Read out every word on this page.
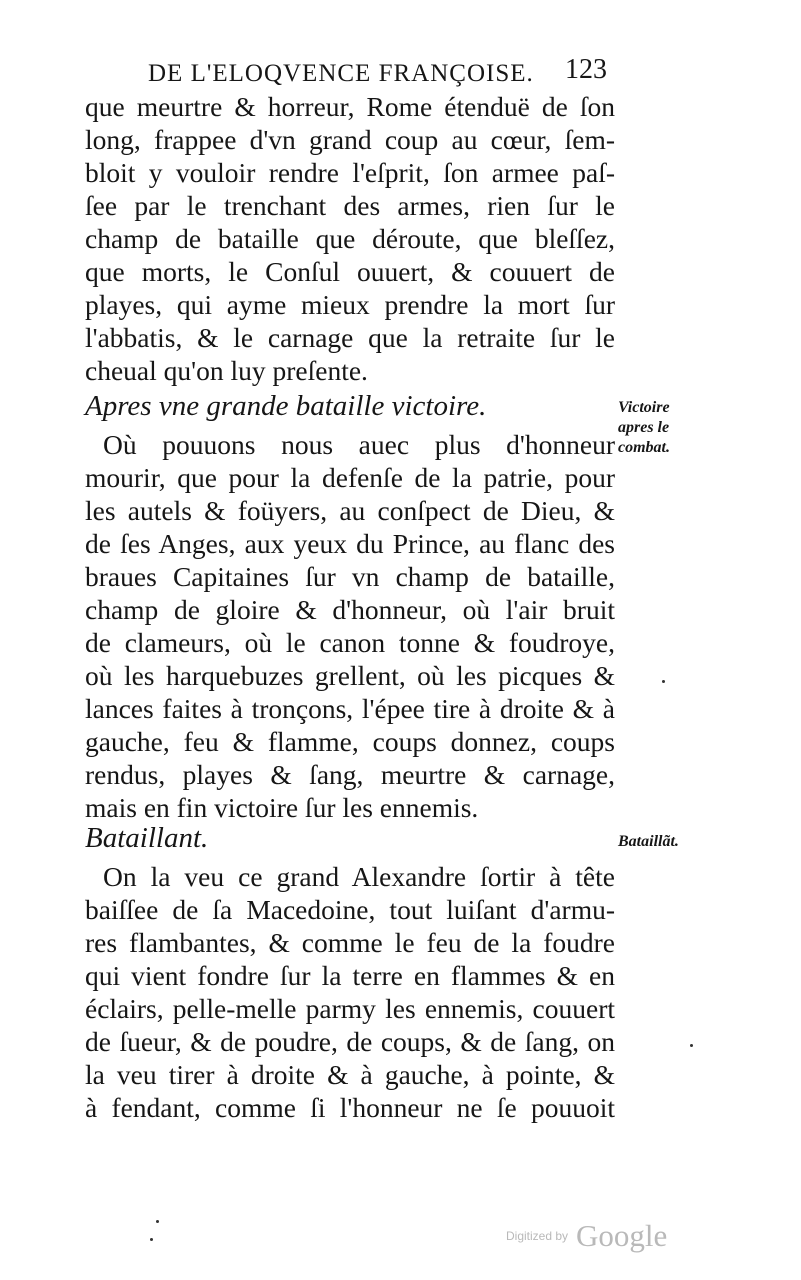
DE L'ELOQVENCE FRANÇOISE. 123
que meurtre & horreur, Rome étenduë de ſon
long, frappee d'vn grand coup au cœur, ſem-
bloit y vouloir rendre l'eſprit, ſon armee paſ-
ſee par le trenchant des armes, rien ſur le
champ de bataille que déroute, que bleſſez,
que morts, le Conſul ouuert, & couuert de
playes, qui ayme mieux prendre la mort ſur
l'abbatis, & le carnage que la retraite ſur le
cheual qu'on luy preſente.
Apres vne grande bataille victoire.	Victoire
apres le
combat.
Où pouuons nous auec plus d'honneur
mourir, que pour la defenſe de la patrie, pour
les autels & foüyers, au conſpect de Dieu, &
de ſes Anges, aux yeux du Prince, au flanc des
braues Capitaines ſur vn champ de bataille,
champ de gloire & d'honneur, où l'air bruit
de clameurs, où le canon tonne & foudroye,
où les harquebuzes grellent, où les picques &
lances faites à tronçons, l'épee tire à droite & à
gauche, feu & flamme, coups donnez, coups
rendus, playes & ſang, meurtre & carnage,
mais en fin victoire ſur les ennemis.
Bataillant.	Bataillãt.
On la veu ce grand Alexandre ſortir à tête
baiſſee de ſa Macedoine, tout luiſant d'armu-
res flambantes, & comme le feu de la foudre
qui vient fondre ſur la terre en flammes & en
éclairs, pelle-melle parmy les ennemis, couuert
de ſueur, & de poudre, de coups, & de ſang, on
la veu tirer à droite & à gauche, à pointe, &
à fendant, comme ſi l'honneur ne ſe pouuoit
Digitized by Google
